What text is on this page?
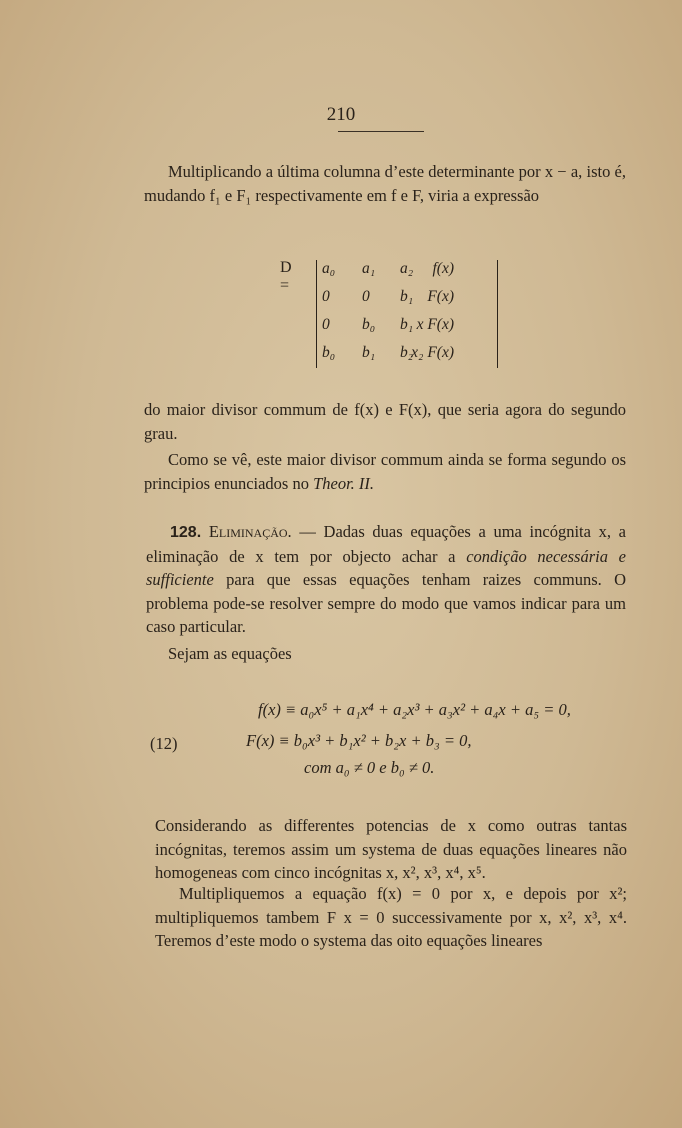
210

Multiplicando a última columna d’este determinante por x − a, isto é, mudando f₁ e F₁ respectivamente em f e F, viria a expressão

D =
a₀ a₁ a₂	f(x)
0 0 b₁ F(x)
0 b₀ b₁ x F(x)
b₀ b₁ b₂
x₂ F(x)

do maior divisor commum de f(x) e F(x), que seria agora do segundo grau.

Como se vê, este maior divisor commum ainda se forma segundo os principios enunciados no Theor. II.

128. Eliminação. — Dadas duas equações a uma incógnita x, a eliminação de x tem por objecto achar a condição necessária e sufficiente para que essas equações tenham raizes communs. O problema pode-se resolver sempre do modo que vamos indicar para um caso particular.

Sejam as equações

(12)
f(x) ≡ a₀x⁵ + a₁x⁴ + a₂x³ + a₃x² + a₄x + a₅ = 0,
F(x) ≡ b₀x³ + b₁x² + b₂x + b₃ = 0,
com a₀ ≠ 0 e b₀ ≠ 0.

Considerando as differentes potencias de x como outras tantas incógnitas, teremos assim um systema de duas equações lineares não homogeneas com cinco incógnitas x, x², x³, x⁴, x⁵.

Multipliquemos a equação f(x) = 0 por x, e depois por x²; multipliquemos tambem F x = 0 successivamente por x, x², x³, x⁴. Teremos d’este modo o systema das oito equações lineares
